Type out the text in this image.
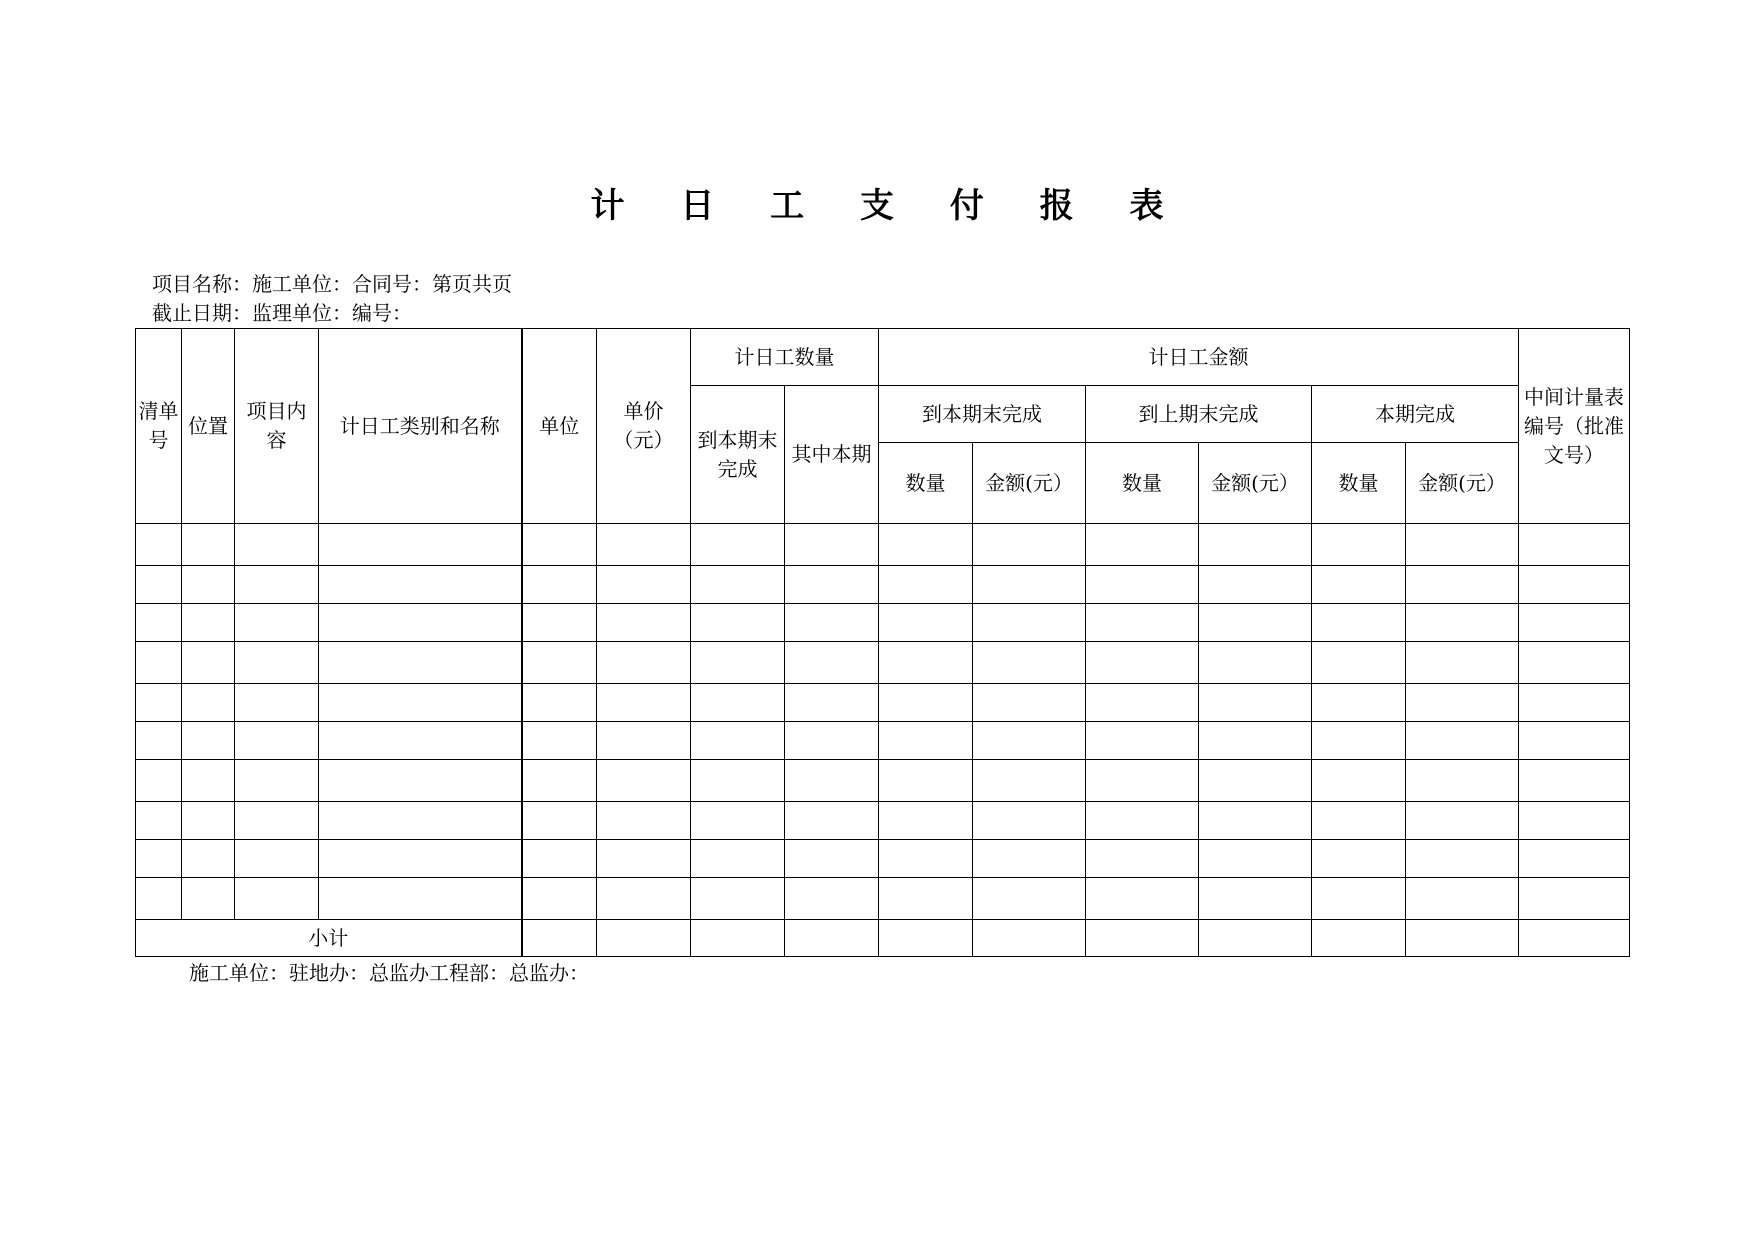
计 日 工 支 付 报 表
项目名称：施工单位：合同号：第页共页
截止日期：监理单位：编号：
清单号	位置	项目内容	计日工类别和名称	单位	单价（元）	计日工数量		计日工金额						中间计量表编号（批准文号）
						到本期末完成	其中本期	到本期末完成		到上期末完成		本期完成		
								数量	金额(元）	数量	金额(元）	数量	金额(元）	

小计														
施工单位：驻地办：总监办工程部：总监办：
